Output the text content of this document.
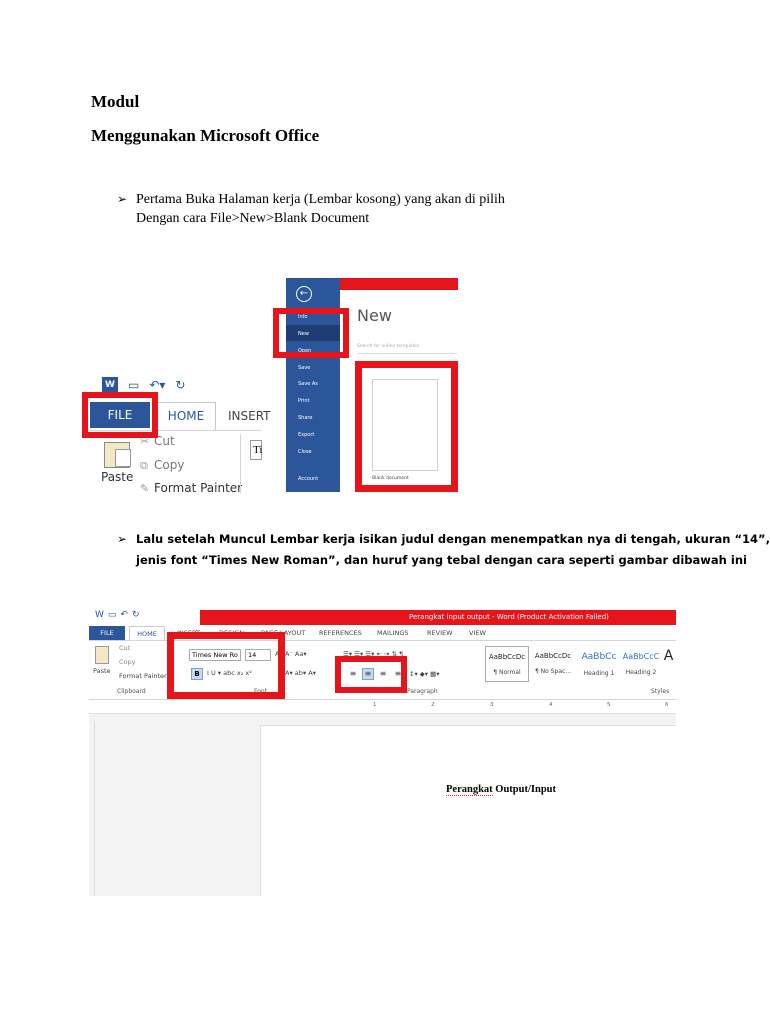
Modul
Menggunakan Microsoft Office
➢ Pertama Buka Halaman kerja (Lembar kosong) yang akan di pilih
Dengan cara File>New>Blank Document
W ▭ ↶▾ ↻
FILE	HOME	INSERT
Paste
✂ Cut
⧉ Copy
✎ Format Painter
Ti
←
Info
New
Open
Save
Save As
Print
Share
Export
Close
Account
New
Search for online templates
Blank document
➢ Lalu setelah Muncul Lembar kerja isikan judul dengan menempatkan nya di tengah, ukuran “14”,
jenis font “Times New Roman”, dan huruf yang tebal dengan cara seperti gambar dibawah ini
W▭↶↻	Perangkat input output - Word (Product Activation Failed)
FILE	HOME	INSERT	DESIGN	PAGE LAYOUT REFERENCES MAILINGS	REVIEW	VIEW
Paste
Cut
Copy
Format Painter
Clipboard
Times New Ro	14	A⁺ A⁻ Aa▾
B	I U ▾ abc x₂ x²	A▾ ab▾ A▾
Font
☰▾ ☰▾ ☰▾ ⇤ ⇥ ⇅ ¶
≡	≡	≡	≡	↕▾ ◆▾ ▦▾
Paragraph
AaBbCcDc
¶ Normal
AaBbCcDc
¶ No Spac...
AaBbCc
Heading 1
AaBbCcC
Heading 2
A
Styles
1	2	3	4	5	6
Perangkat Output/Input
